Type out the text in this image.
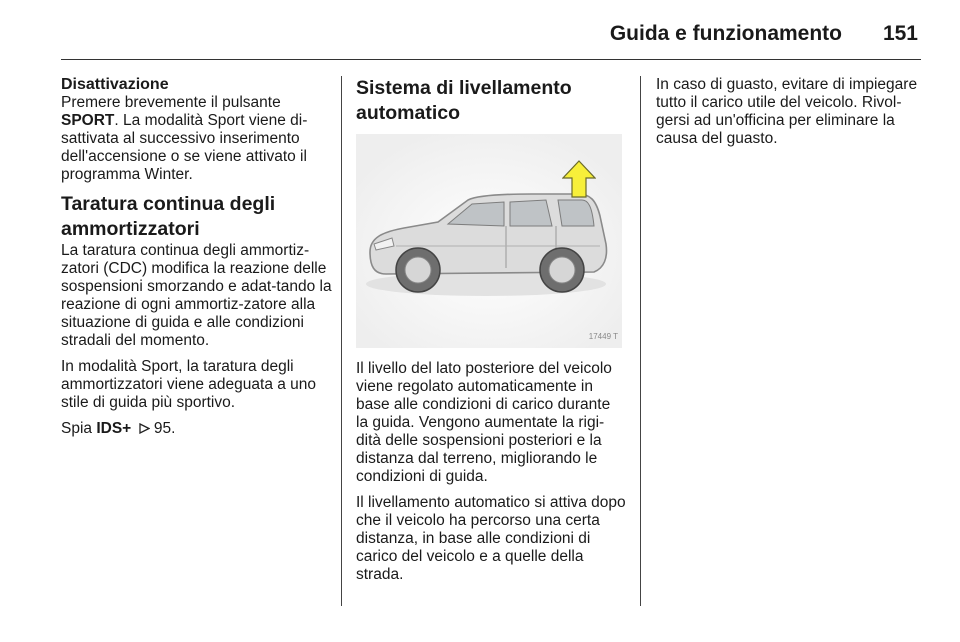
Guida e funzionamento 151
Disattivazione

Premere brevemente il pulsante SPORT. La modalità Sport viene di-sattivata al successivo inserimento dell'accensione o se viene attivato il programma Winter.

Taratura continua degli ammortizzatori

La taratura continua degli ammortiz-zatori (CDC) modifica la reazione delle sospensioni smorzando e adat-tando la reazione di ogni ammortiz-zatore alla situazione di guida e alle condizioni stradali del momento.

In modalità Sport, la taratura degli ammortizzatori viene adeguata a uno stile di guida più sportivo.

Spia IDS+  95.

Sistema di livellamento automatico
17449 T

Il livello del lato posteriore del veicolo viene regolato automaticamente in base alle condizioni di carico durante la guida. Vengono aumentate la rigi-dità delle sospensioni posteriori e la distanza dal terreno, migliorando le condizioni di guida.

Il livellamento automatico si attiva dopo che il veicolo ha percorso una certa distanza, in base alle condizioni di carico del veicolo e a quelle della strada.

In caso di guasto, evitare di impiegare tutto il carico utile del veicolo. Rivol-gersi ad un'officina per eliminare la causa del guasto.
